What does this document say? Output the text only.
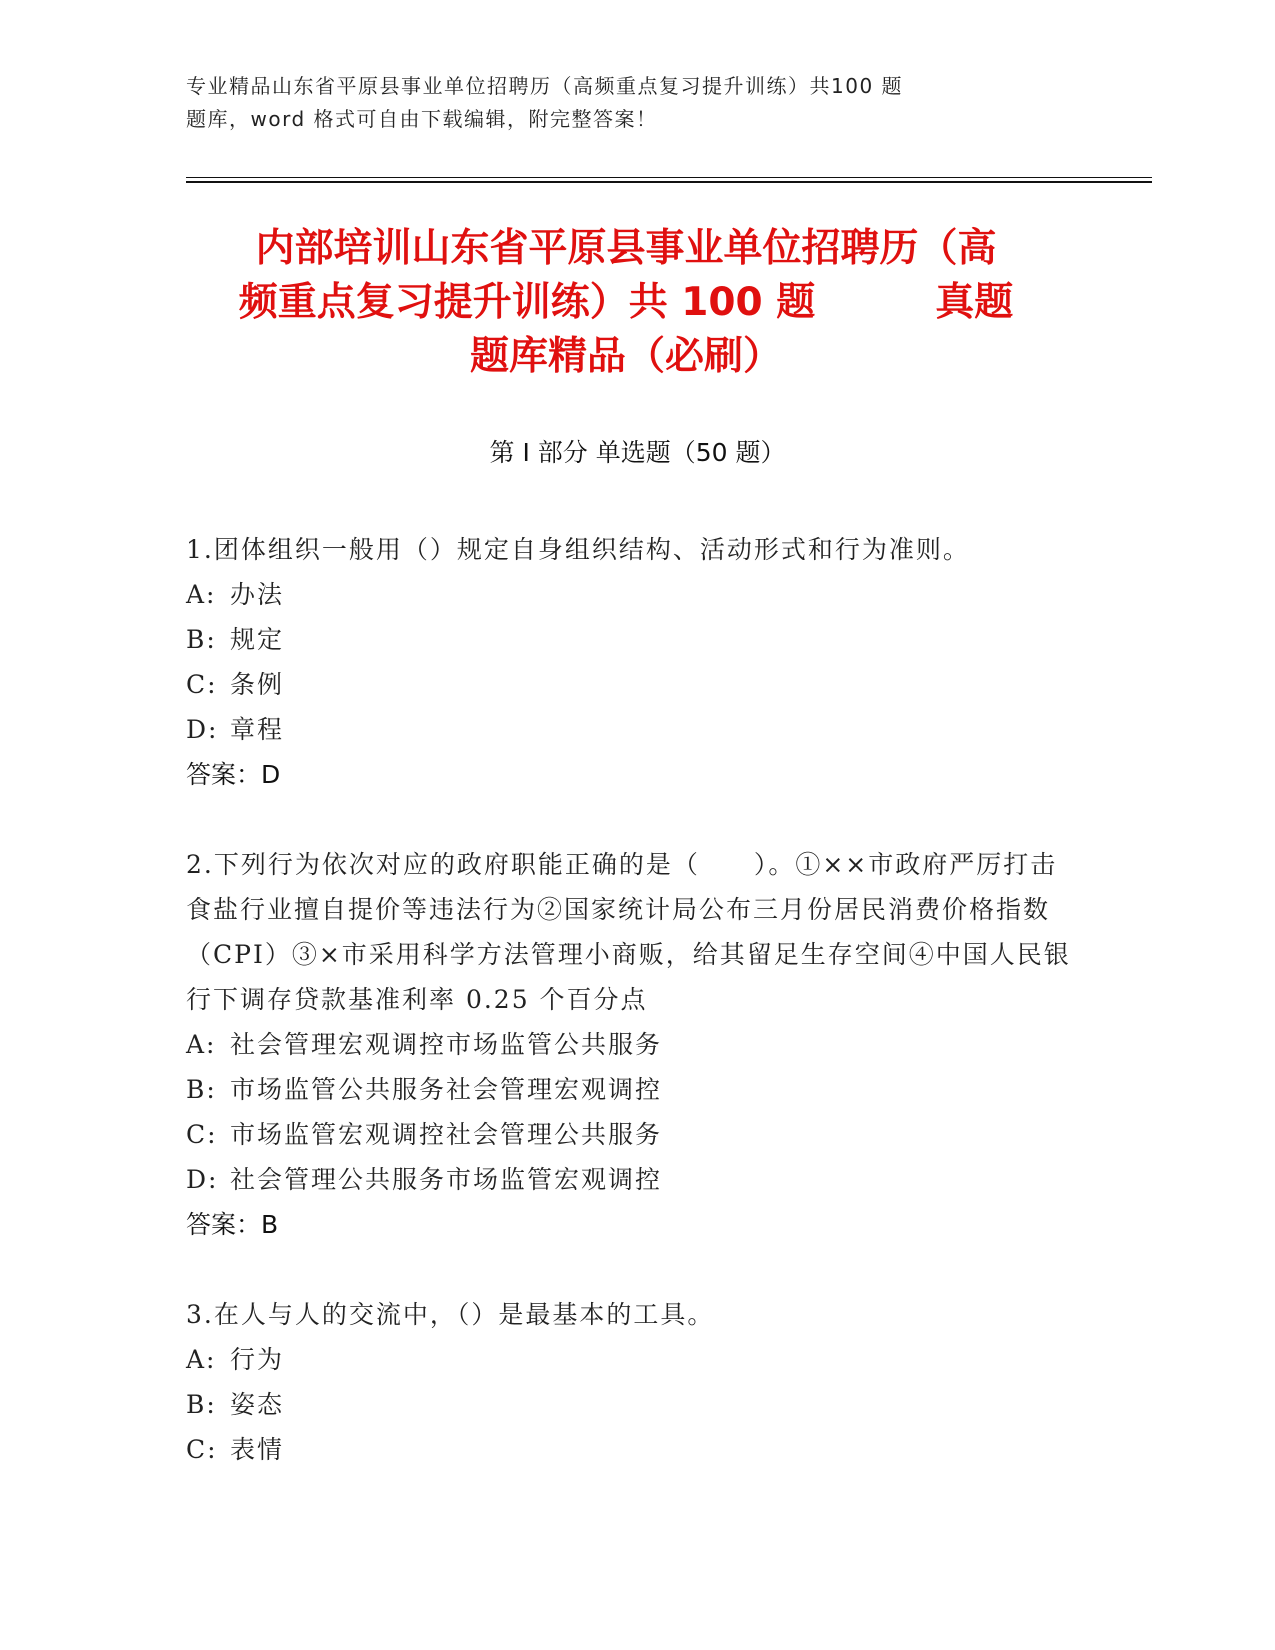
专业精品山东省平原县事业单位招聘历（高频重点复习提升训练）共100 题
题库，word 格式可自由下载编辑，附完整答案！
内部培训山东省平原县事业单位招聘历（高
频重点复习提升训练）共 100 题	真题
题库精品（必刷）
第 I 部分 单选题（50 题）
1.团体组织一般用（）规定自身组织结构、活动形式和行为准则。
A: 办法
B: 规定
C: 条例
D: 章程
答案：D
2.下列行为依次对应的政府职能正确的是（　　）。①××市政府严厉打击食盐行业擅自提价等违法行为②国家统计局公布三月份居民消费价格指数（CPI）③×市采用科学方法管理小商贩，给其留足生存空间④中国人民银行下调存贷款基准利率 0.25 个百分点
A: 社会管理宏观调控市场监管公共服务
B: 市场监管公共服务社会管理宏观调控
C: 市场监管宏观调控社会管理公共服务
D: 社会管理公共服务市场监管宏观调控
答案：B
3.在人与人的交流中，（）是最基本的工具。
A: 行为
B: 姿态
C: 表情
